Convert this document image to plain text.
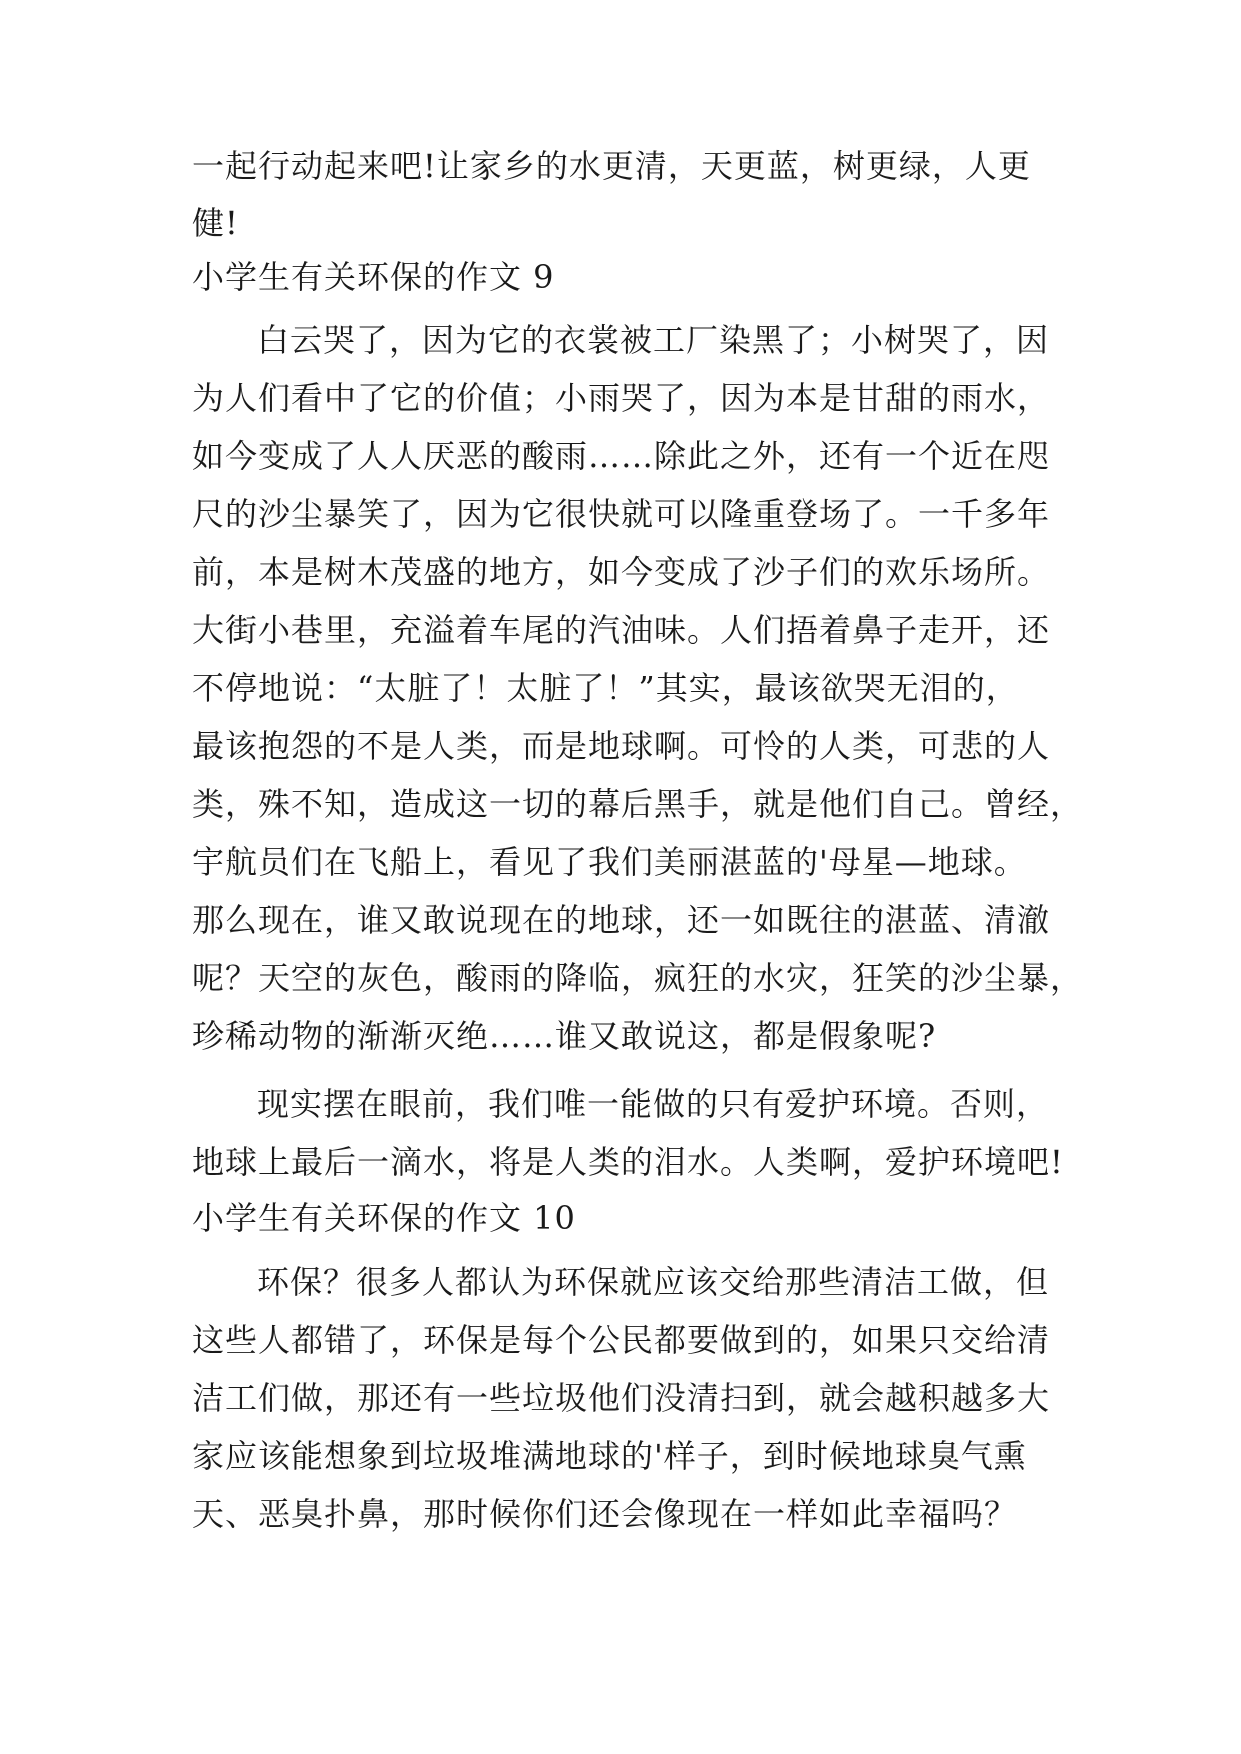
一起行动起来吧!让家乡的水更清，天更蓝，树更绿，人更
健!
小学生有关环保的作文 9
白云哭了，因为它的衣裳被工厂染黑了；小树哭了，因
为人们看中了它的价值；小雨哭了，因为本是甘甜的雨水，
如今变成了人人厌恶的酸雨……除此之外，还有一个近在咫
尺的沙尘暴笑了，因为它很快就可以隆重登场了。一千多年
前，本是树木茂盛的地方，如今变成了沙子们的欢乐场所。
大街小巷里，充溢着车尾的汽油味。人们捂着鼻子走开，还
不停地说：“太脏了！太脏了！”其实，最该欲哭无泪的，
最该抱怨的不是人类，而是地球啊。可怜的人类，可悲的人
类，殊不知，造成这一切的幕后黑手，就是他们自己。曾经，
宇航员们在飞船上，看见了我们美丽湛蓝的'母星—地球。
那么现在，谁又敢说现在的地球，还一如既往的湛蓝、清澈
呢？天空的灰色，酸雨的降临，疯狂的水灾，狂笑的沙尘暴，
珍稀动物的渐渐灭绝……谁又敢说这，都是假象呢?
现实摆在眼前，我们唯一能做的只有爱护环境。否则，
地球上最后一滴水，将是人类的泪水。人类啊，爱护环境吧!
小学生有关环保的作文 10
环保？很多人都认为环保就应该交给那些清洁工做，但
这些人都错了，环保是每个公民都要做到的，如果只交给清
洁工们做，那还有一些垃圾他们没清扫到，就会越积越多大
家应该能想象到垃圾堆满地球的'样子，到时候地球臭气熏
天、恶臭扑鼻，那时候你们还会像现在一样如此幸福吗？
